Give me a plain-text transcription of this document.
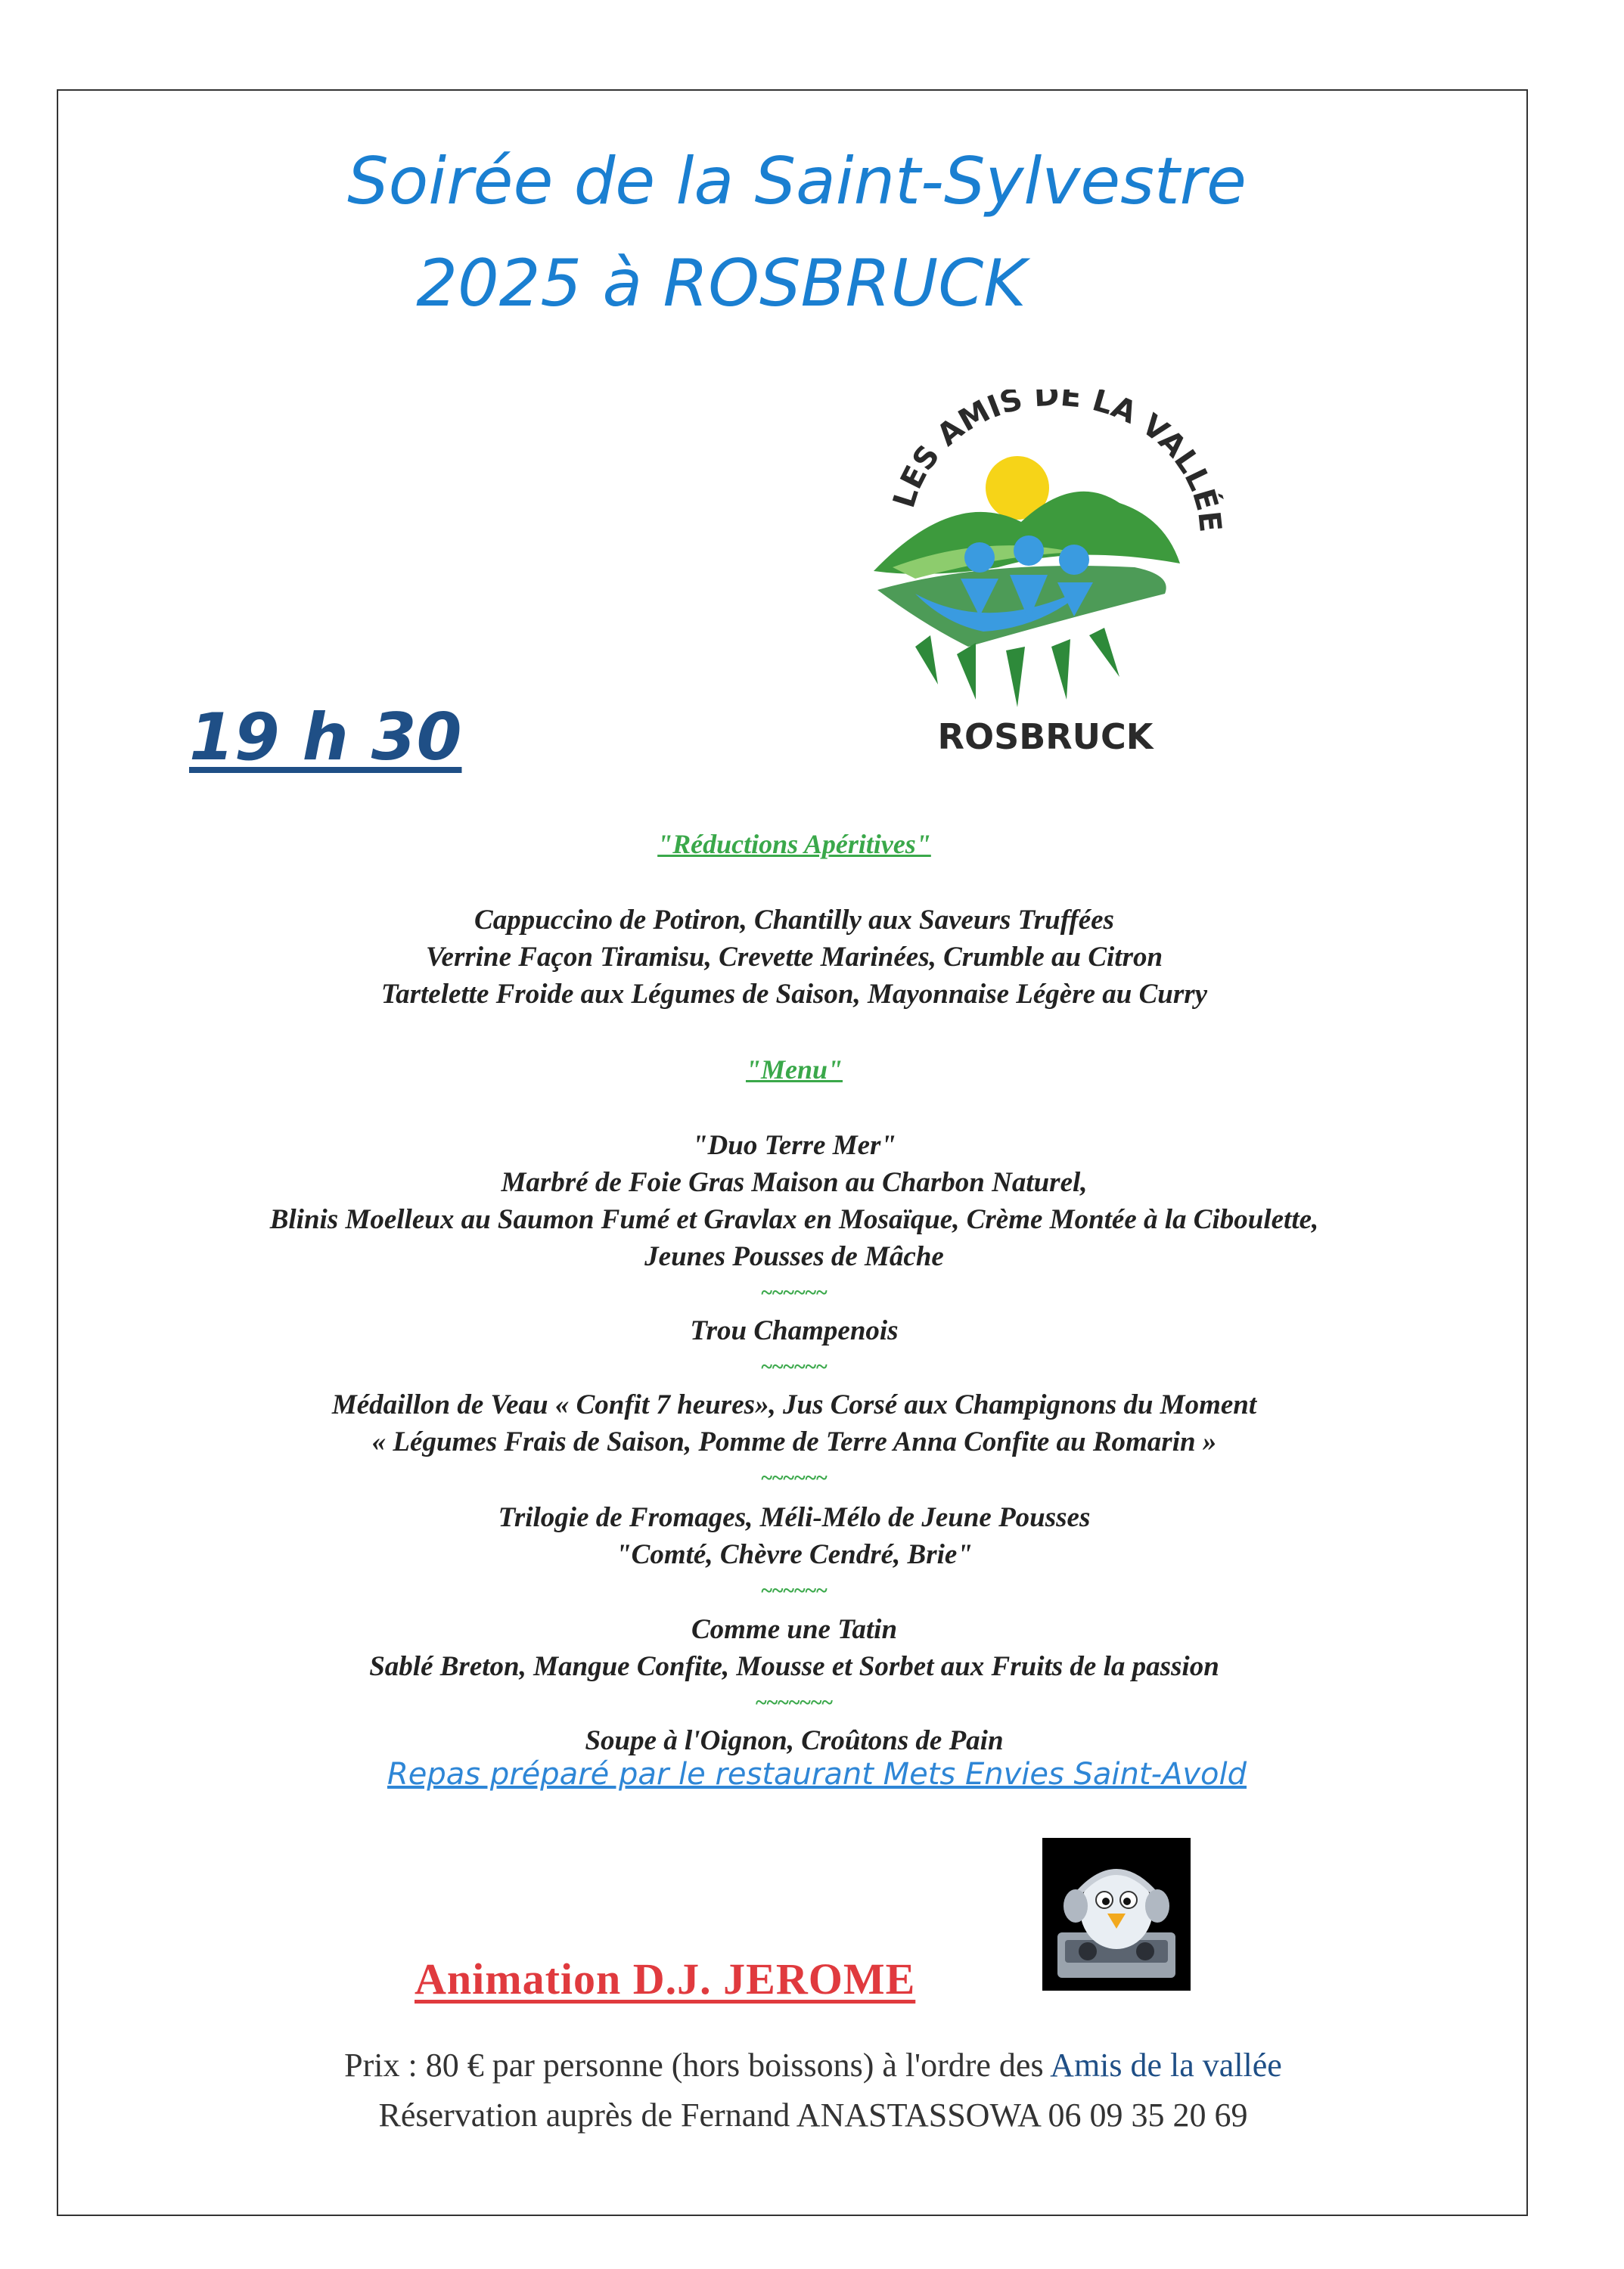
Soirée de la Saint-Sylvestre
2025 à ROSBRUCK
LES AMIS DE LA VALLÉE
ROSBRUCK
19 h 30
"Réductions Apéritives"
Cappuccino de Potiron, Chantilly aux Saveurs Truffées
Verrine Façon Tiramisu, Crevette Marinées, Crumble au Citron
Tartelette Froide aux Légumes de Saison, Mayonnaise Légère au Curry
"Menu"
"Duo Terre Mer"
Marbré de Foie Gras Maison au Charbon Naturel,
Blinis Moelleux au Saumon Fumé et Gravlax en Mosaïque, Crème Montée à la Ciboulette,
Jeunes Pousses de Mâche
~~~~~~
Trou Champenois
~~~~~~
Médaillon de Veau « Confit 7 heures», Jus Corsé aux Champignons du Moment
« Légumes Frais de Saison, Pomme de Terre Anna Confite au Romarin »
~~~~~~
Trilogie de Fromages, Méli-Mélo de Jeune Pousses
"Comté, Chèvre Cendré, Brie"
~~~~~~
Comme une Tatin
Sablé Breton, Mangue Confite, Mousse et Sorbet aux Fruits de la passion
~~~~~~~
Soupe à l'Oignon, Croûtons de Pain
Repas préparé par le restaurant Mets Envies Saint-Avold
Animation D.J. JEROME
Prix : 80 € par personne (hors boissons) à l'ordre des Amis de la vallée
Réservation auprès de Fernand ANASTASSOWA 06 09 35 20 69
